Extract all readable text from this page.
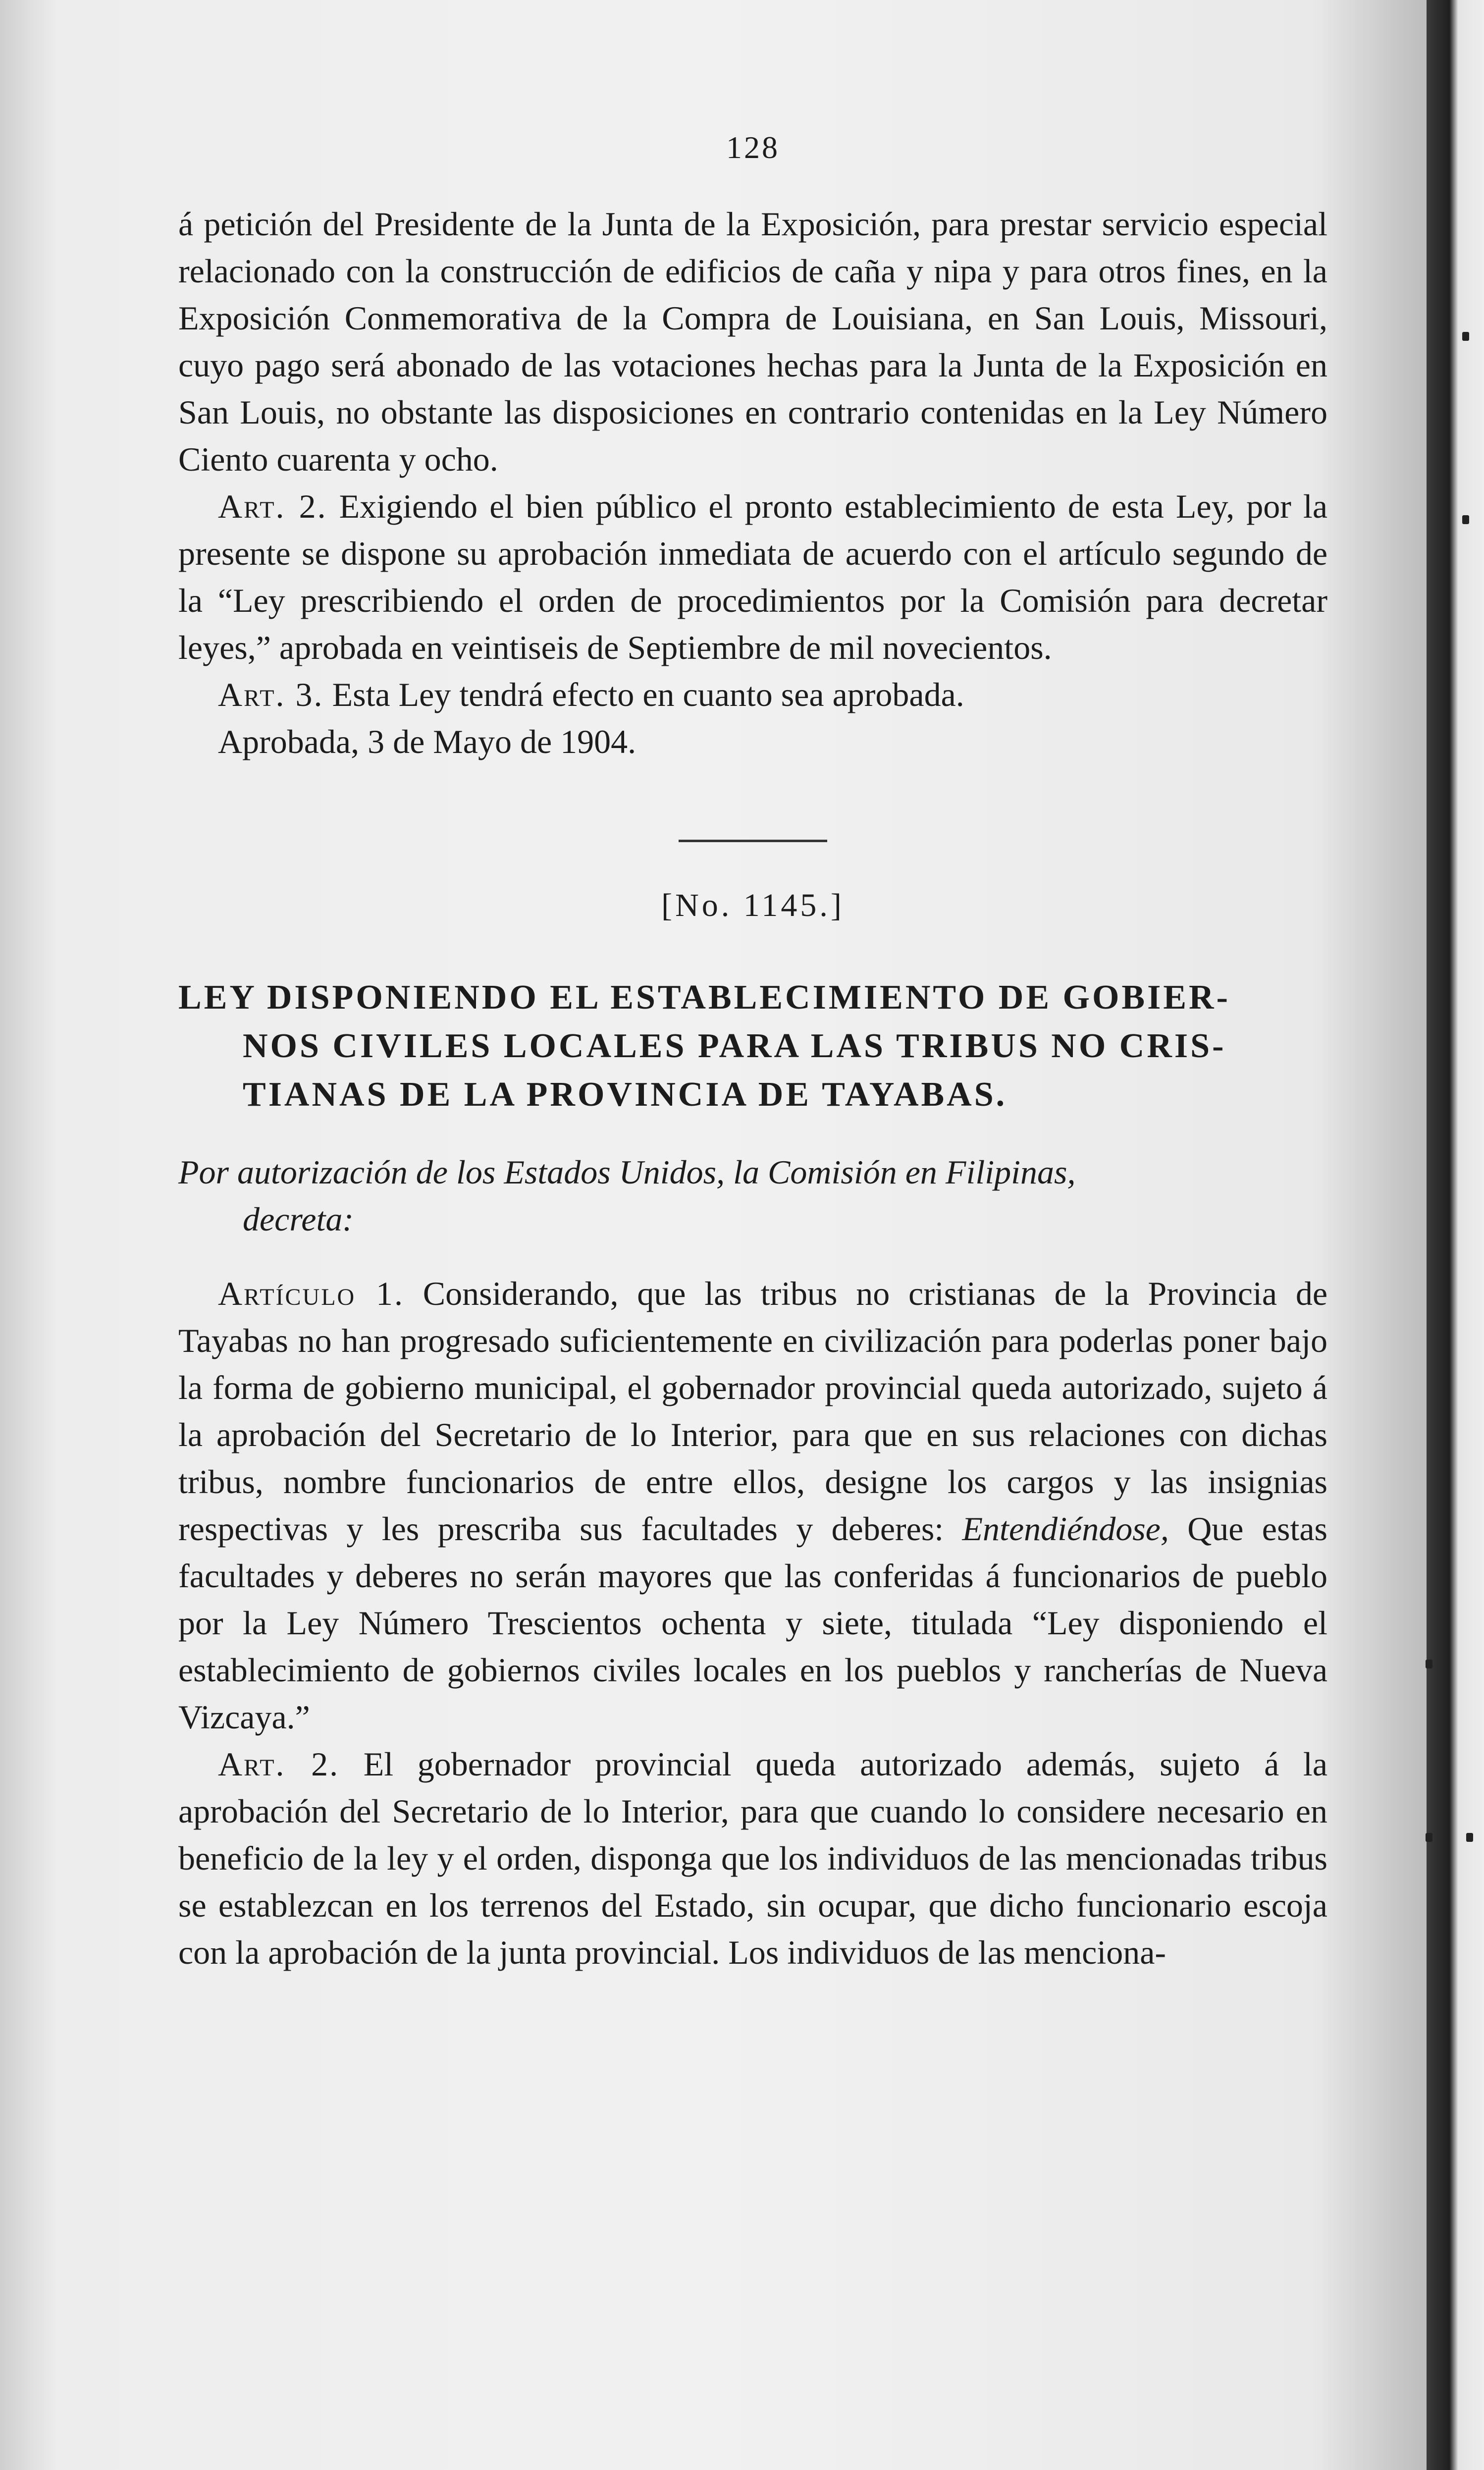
128

á petición del Presidente de la Junta de la Exposición, para prestar servicio especial relacionado con la construcción de edificios de caña y nipa y para otros fines, en la Exposición Conmemorativa de la Compra de Louisiana, en San Louis, Missouri, cuyo pago será abonado de las votaciones hechas para la Junta de la Exposición en San Louis, no obstante las disposiciones en contrario contenidas en la Ley Número Ciento cuarenta y ocho.

Art. 2. Exigiendo el bien público el pronto establecimiento de esta Ley, por la presente se dispone su aprobación inmediata de acuerdo con el artículo segundo de la “Ley prescribiendo el orden de procedimientos por la Comisión para decretar leyes,” aprobada en veintiseis de Septiembre de mil novecientos.

Art. 3. Esta Ley tendrá efecto en cuanto sea aprobada.

Aprobada, 3 de Mayo de 1904.

[No. 1145.]
LEY DISPONIENDO EL ESTABLECIMIENTO DE GOBIER-
NOS CIVILES LOCALES PARA LAS TRIBUS NO CRIS-
TIANAS DE LA PROVINCIA DE TAYABAS.
Por autorización de los Estados Unidos, la Comisión en Filipinas,
decreta:

Artículo 1. Considerando, que las tribus no cristianas de la Provincia de Tayabas no han progresado suficientemente en civilización para poderlas poner bajo la forma de gobierno municipal, el gobernador provincial queda autorizado, sujeto á la aprobación del Secretario de lo Interior, para que en sus relaciones con dichas tribus, nombre funcionarios de entre ellos, designe los cargos y las insignias respectivas y les prescriba sus facultades y deberes: Entendiéndose, Que estas facultades y deberes no serán mayores que las conferidas á funcionarios de pueblo por la Ley Número Trescientos ochenta y siete, titulada “Ley disponiendo el establecimiento de gobiernos civiles locales en los pueblos y rancherías de Nueva Vizcaya.”

Art. 2. El gobernador provincial queda autorizado además, sujeto á la aprobación del Secretario de lo Interior, para que cuando lo considere necesario en beneficio de la ley y el orden, disponga que los individuos de las mencionadas tribus se establezcan en los terrenos del Estado, sin ocupar, que dicho funcionario escoja con la aprobación de la junta provincial. Los individuos de las menciona-
